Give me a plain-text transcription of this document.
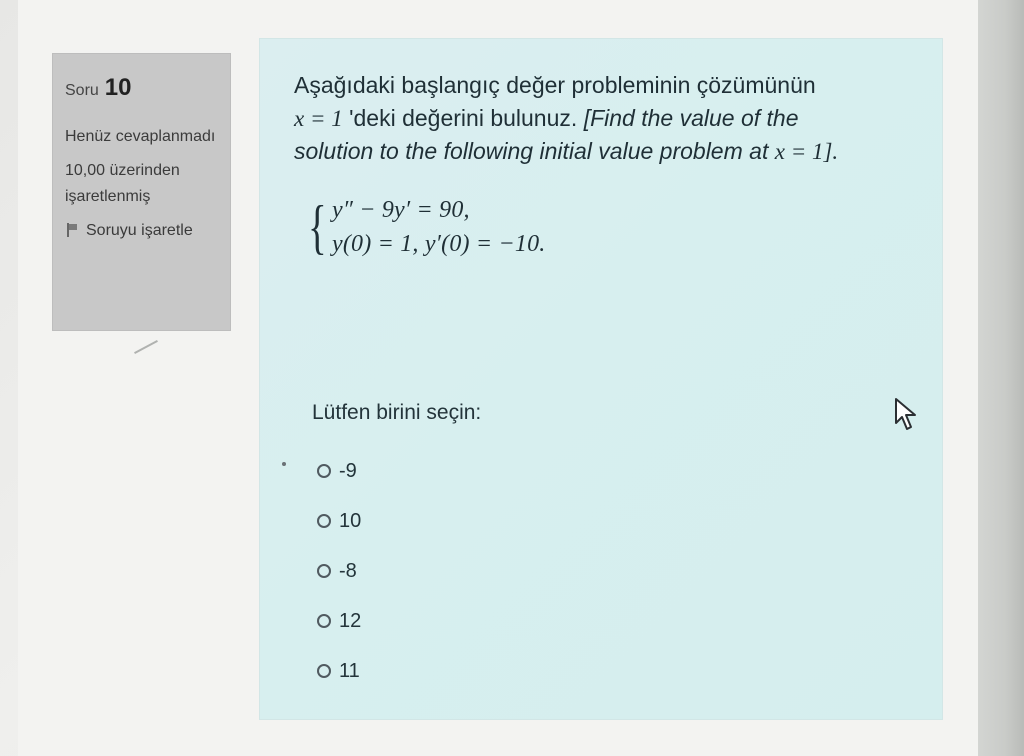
Soru 10
Henüz cevaplanmadı
10,00 üzerinden işaretlenmiş
Soruyu işaretle
Aşağıdaki başlangıç değer probleminin çözümünün
x = 1 'deki değerini bulunuz. [Find the value of the
solution to the following initial value problem at x = 1].
{ y″ − 9y′ = 90,
y(0) = 1, y′(0) = −10.
Lütfen birini seçin:
-9
10
-8
12
11
